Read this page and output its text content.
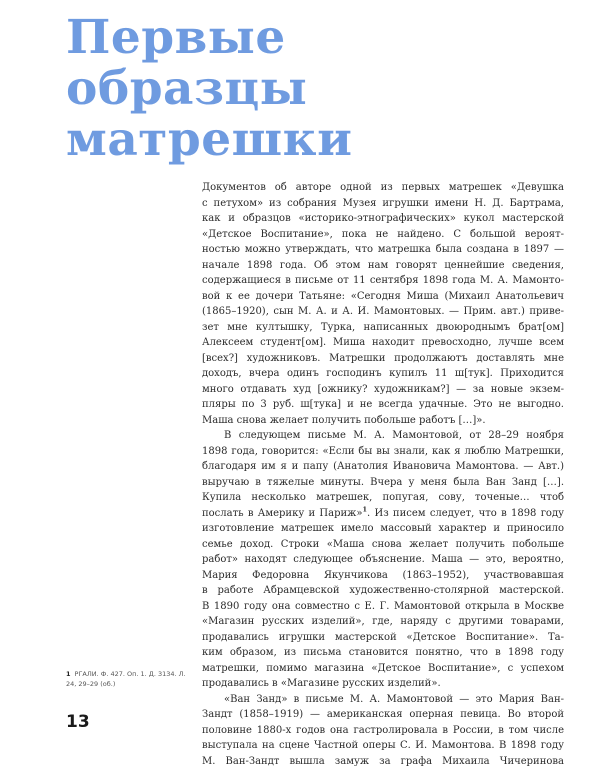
Первые
образцы
матрешки
Документов об авторе одной из первых матрешек «Девушка
с петухом» из собрания Музея игрушки имени Н. Д. Бартрама,
как и образцов «историко-этнографических» кукол мастерской
«Детское Воспитание», пока не найдено. С большой вероят-
ностью можно утверждать, что матрешка была создана в 1897 —
начале 1898 года. Об этом нам говорят ценнейшие сведения,
содержащиеся в письме от 11 сентября 1898 года М. А. Мамонто-
вой к ее дочери Татьяне: «Сегодня Миша (Михаил Анатольевич
(1865–1920), сын М. А. и А. И. Мамонтовых. — Прим. авт.) приве-
зет мне култышку, Турка, написанных двоюроднымъ брат[ом]
Алексеем студент[ом]. Миша находит превосходно, лучше всем
[всех?] художниковъ. Матрешки продолжаютъ доставлять мне
доходъ, вчера одинъ господинъ купилъ 11 ш[тук]. Приходится
много отдавать худ [ожнику? художникам?] — за новые экзем-
пляры по 3 руб. ш[тука] и не всегда удачные. Это не выгодно.
Маша снова желает получить побольше работъ […]».
В следующем письме М. А. Мамонтовой, от 28–29 ноября
1898 года, говорится: «Если бы вы знали, как я люблю Матрешки,
благодаря им я и папу (Анатолия Ивановича Мамонтова. — Авт.)
выручаю в тяжелые минуты. Вчера у меня была Ван Занд […].
Купила несколько матрешек, попугая, сову, точеные… чтоб
послать в Америку и Париж»$^1$. Из писем следует, что в 1898 году
изготовление матрешек имело массовый характер и приносило
семье доход. Строки «Маша снова желает получить побольше
работ» находят следующее объяснение. Маша — это, вероятно,
Мария Федоровна Якунчикова (1863–1952), участвовавшая
в работе Абрамцевской художественно-столярной мастерской.
В 1890 году она совместно с Е. Г. Мамонтовой открыла в Москве
«Магазин русских изделий», где, наряду с другими товарами,
продавались игрушки мастерской «Детское Воспитание». Та-
ким образом, из письма становится понятно, что в 1898 году
матрешки, помимо магазина «Детское Воспитание», с успехом
продавались в «Магазине русских изделий».
«Ван Занд» в письме М. А. Мамонтовой — это Мария Ван-
Зандт (1858–1919) — американская оперная певица. Во второй
половине 1880-х годов она гастролировала в России, в том числе
выступала на сцене Частной оперы С. И. Мамонтова. В 1898 году
М. Ван-Зандт вышла замуж за графа Михаила Чичеринова
1 РГАЛИ. Ф. 427. Оп. 1. Д. 3134. Л. 24, 29–29 (об.)
13
